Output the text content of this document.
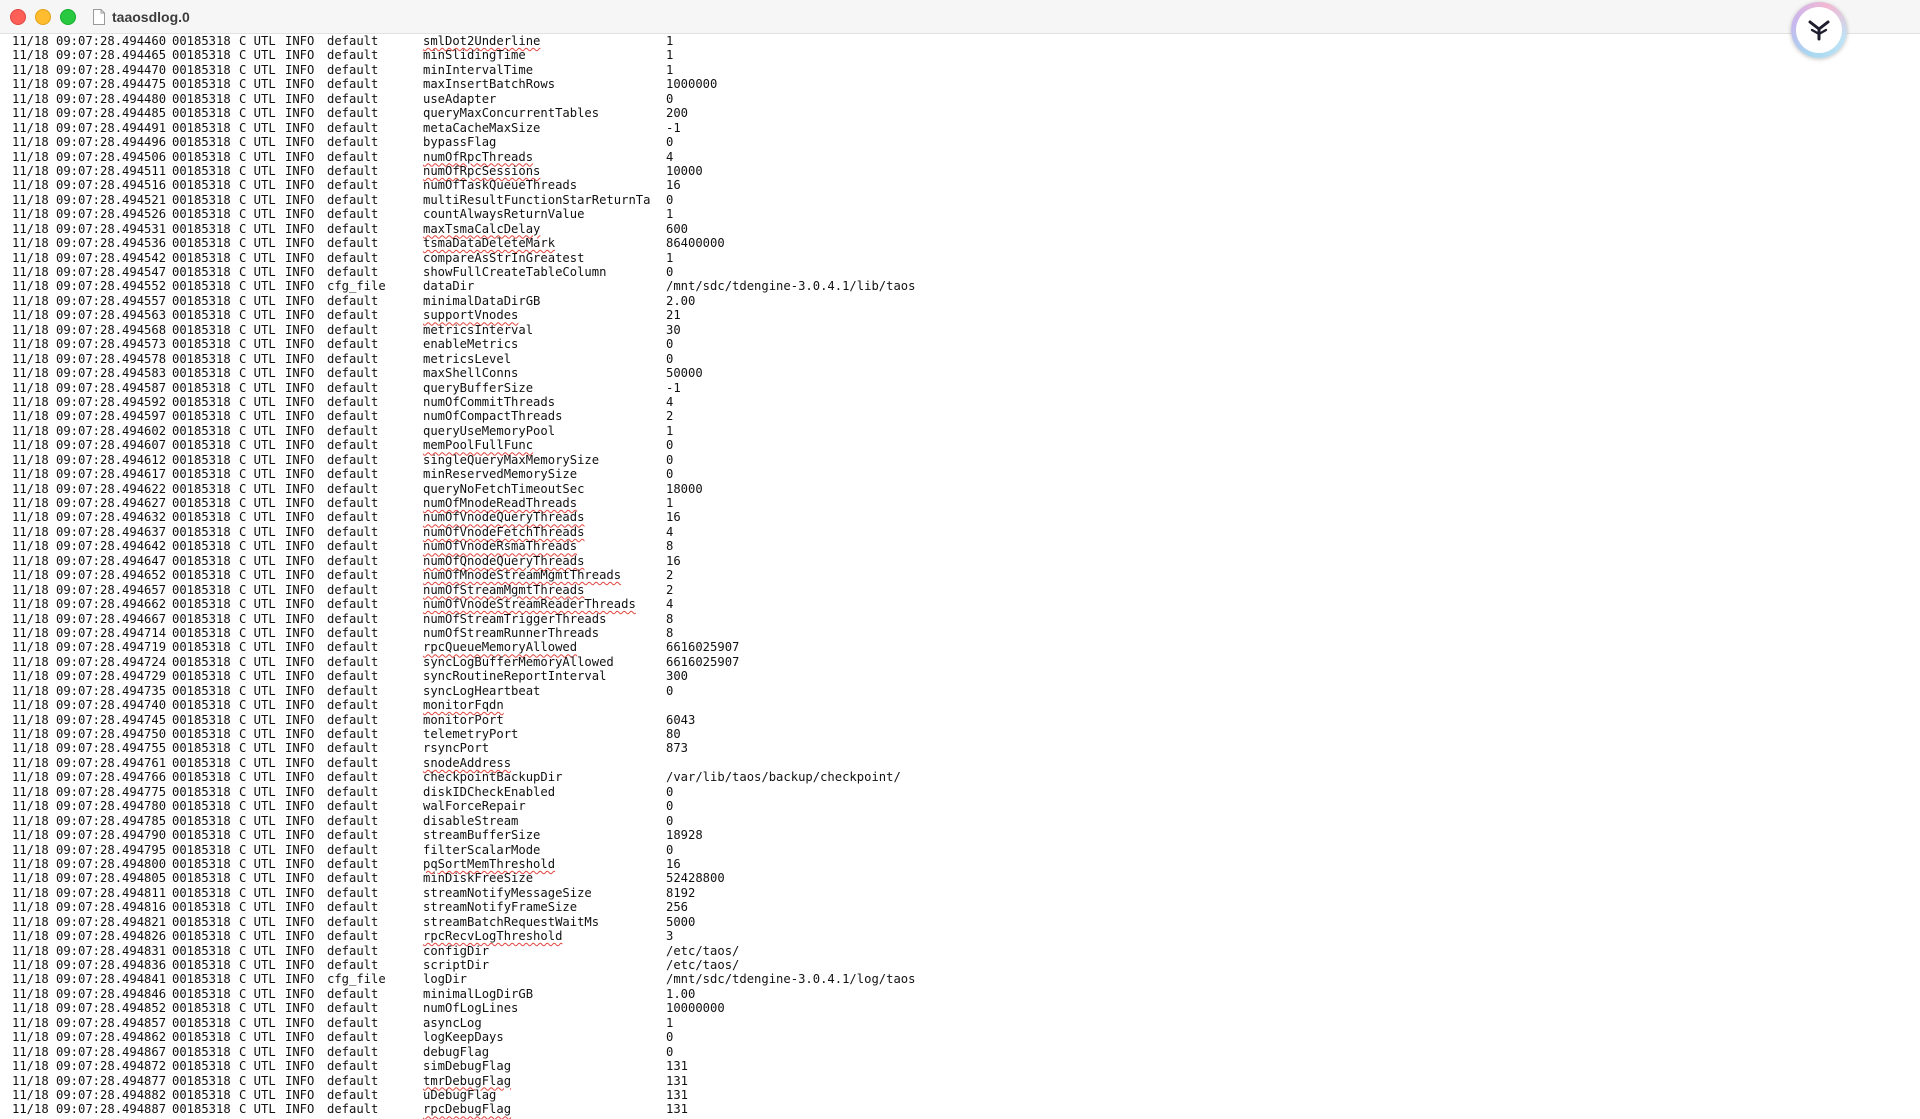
taaosdlog.0
11/18 09:07:28.494460 00185318 C UTL INFO default	smlDot2Underline	1
11/18 09:07:28.494465 00185318 C UTL INFO default	minSlidingTime	1
11/18 09:07:28.494470 00185318 C UTL INFO default	minIntervalTime	1
11/18 09:07:28.494475 00185318 C UTL INFO default	maxInsertBatchRows	1000000
11/18 09:07:28.494480 00185318 C UTL INFO default	useAdapter	0
11/18 09:07:28.494485 00185318 C UTL INFO default	queryMaxConcurrentTables	200
11/18 09:07:28.494491 00185318 C UTL INFO default	metaCacheMaxSize	-1
11/18 09:07:28.494496 00185318 C UTL INFO default	bypassFlag	0
11/18 09:07:28.494506 00185318 C UTL INFO default	numOfRpcThreads	4
11/18 09:07:28.494511 00185318 C UTL INFO default	numOfRpcSessions	10000
11/18 09:07:28.494516 00185318 C UTL INFO default	numOfTaskQueueThreads	16
11/18 09:07:28.494521 00185318 C UTL INFO default	multiResultFunctionStarReturnTa 0
11/18 09:07:28.494526 00185318 C UTL INFO default	countAlwaysReturnValue	1
11/18 09:07:28.494531 00185318 C UTL INFO default	maxTsmaCalcDelay	600
11/18 09:07:28.494536 00185318 C UTL INFO default	tsmaDataDeleteMark	86400000
11/18 09:07:28.494542 00185318 C UTL INFO default	compareAsStrInGreatest	1
11/18 09:07:28.494547 00185318 C UTL INFO default	showFullCreateTableColumn	0
11/18 09:07:28.494552 00185318 C UTL INFO cfg_file	dataDir	/mnt/sdc/tdengine-3.0.4.1/lib/taos
11/18 09:07:28.494557 00185318 C UTL INFO default	minimalDataDirGB	2.00
11/18 09:07:28.494563 00185318 C UTL INFO default	supportVnodes	21
11/18 09:07:28.494568 00185318 C UTL INFO default	metricsInterval	30
11/18 09:07:28.494573 00185318 C UTL INFO default	enableMetrics	0
11/18 09:07:28.494578 00185318 C UTL INFO default	metricsLevel	0
11/18 09:07:28.494583 00185318 C UTL INFO default	maxShellConns	50000
11/18 09:07:28.494587 00185318 C UTL INFO default	queryBufferSize	-1
11/18 09:07:28.494592 00185318 C UTL INFO default	numOfCommitThreads	4
11/18 09:07:28.494597 00185318 C UTL INFO default	numOfCompactThreads	2
11/18 09:07:28.494602 00185318 C UTL INFO default	queryUseMemoryPool	1
11/18 09:07:28.494607 00185318 C UTL INFO default	memPoolFullFunc	0
11/18 09:07:28.494612 00185318 C UTL INFO default	singleQueryMaxMemorySize	0
11/18 09:07:28.494617 00185318 C UTL INFO default	minReservedMemorySize	0
11/18 09:07:28.494622 00185318 C UTL INFO default	queryNoFetchTimeoutSec	18000
11/18 09:07:28.494627 00185318 C UTL INFO default	numOfMnodeReadThreads	1
11/18 09:07:28.494632 00185318 C UTL INFO default	numOfVnodeQueryThreads	16
11/18 09:07:28.494637 00185318 C UTL INFO default	numOfVnodeFetchThreads	4
11/18 09:07:28.494642 00185318 C UTL INFO default	numOfVnodeRsmaThreads	8
11/18 09:07:28.494647 00185318 C UTL INFO default	numOfQnodeQueryThreads	16
11/18 09:07:28.494652 00185318 C UTL INFO default	numOfMnodeStreamMgmtThreads	2
11/18 09:07:28.494657 00185318 C UTL INFO default	numOfStreamMgmtThreads	2
11/18 09:07:28.494662 00185318 C UTL INFO default	numOfVnodeStreamReaderThreads 4
11/18 09:07:28.494667 00185318 C UTL INFO default	numOfStreamTriggerThreads	8
11/18 09:07:28.494714 00185318 C UTL INFO default	numOfStreamRunnerThreads	8
11/18 09:07:28.494719 00185318 C UTL INFO default	rpcQueueMemoryAllowed	6616025907
11/18 09:07:28.494724 00185318 C UTL INFO default	syncLogBufferMemoryAllowed	6616025907
11/18 09:07:28.494729 00185318 C UTL INFO default	syncRoutineReportInterval	300
11/18 09:07:28.494735 00185318 C UTL INFO default	syncLogHeartbeat	0
11/18 09:07:28.494740 00185318 C UTL INFO default	monitorFqdn
11/18 09:07:28.494745 00185318 C UTL INFO default	monitorPort	6043
11/18 09:07:28.494750 00185318 C UTL INFO default	telemetryPort	80
11/18 09:07:28.494755 00185318 C UTL INFO default	rsyncPort	873
11/18 09:07:28.494761 00185318 C UTL INFO default	snodeAddress
11/18 09:07:28.494766 00185318 C UTL INFO default	checkpointBackupDir	/var/lib/taos/backup/checkpoint/
11/18 09:07:28.494775 00185318 C UTL INFO default	diskIDCheckEnabled	0
11/18 09:07:28.494780 00185318 C UTL INFO default	walForceRepair	0
11/18 09:07:28.494785 00185318 C UTL INFO default	disableStream	0
11/18 09:07:28.494790 00185318 C UTL INFO default	streamBufferSize	18928
11/18 09:07:28.494795 00185318 C UTL INFO default	filterScalarMode	0
11/18 09:07:28.494800 00185318 C UTL INFO default	pqSortMemThreshold	16
11/18 09:07:28.494805 00185318 C UTL INFO default	minDiskFreeSize	52428800
11/18 09:07:28.494811 00185318 C UTL INFO default	streamNotifyMessageSize	8192
11/18 09:07:28.494816 00185318 C UTL INFO default	streamNotifyFrameSize	256
11/18 09:07:28.494821 00185318 C UTL INFO default	streamBatchRequestWaitMs	5000
11/18 09:07:28.494826 00185318 C UTL INFO default	rpcRecvLogThreshold	3
11/18 09:07:28.494831 00185318 C UTL INFO default	configDir	/etc/taos/
11/18 09:07:28.494836 00185318 C UTL INFO default	scriptDir	/etc/taos/
11/18 09:07:28.494841 00185318 C UTL INFO cfg_file	logDir	/mnt/sdc/tdengine-3.0.4.1/log/taos
11/18 09:07:28.494846 00185318 C UTL INFO default	minimalLogDirGB	1.00
11/18 09:07:28.494852 00185318 C UTL INFO default	numOfLogLines	10000000
11/18 09:07:28.494857 00185318 C UTL INFO default	asyncLog	1
11/18 09:07:28.494862 00185318 C UTL INFO default	logKeepDays	0
11/18 09:07:28.494867 00185318 C UTL INFO default	debugFlag	0
11/18 09:07:28.494872 00185318 C UTL INFO default	simDebugFlag	131
11/18 09:07:28.494877 00185318 C UTL INFO default	tmrDebugFlag	131
11/18 09:07:28.494882 00185318 C UTL INFO default	uDebugFlag	131
11/18 09:07:28.494887 00185318 C UTL INFO default	rpcDebugFlag	131
